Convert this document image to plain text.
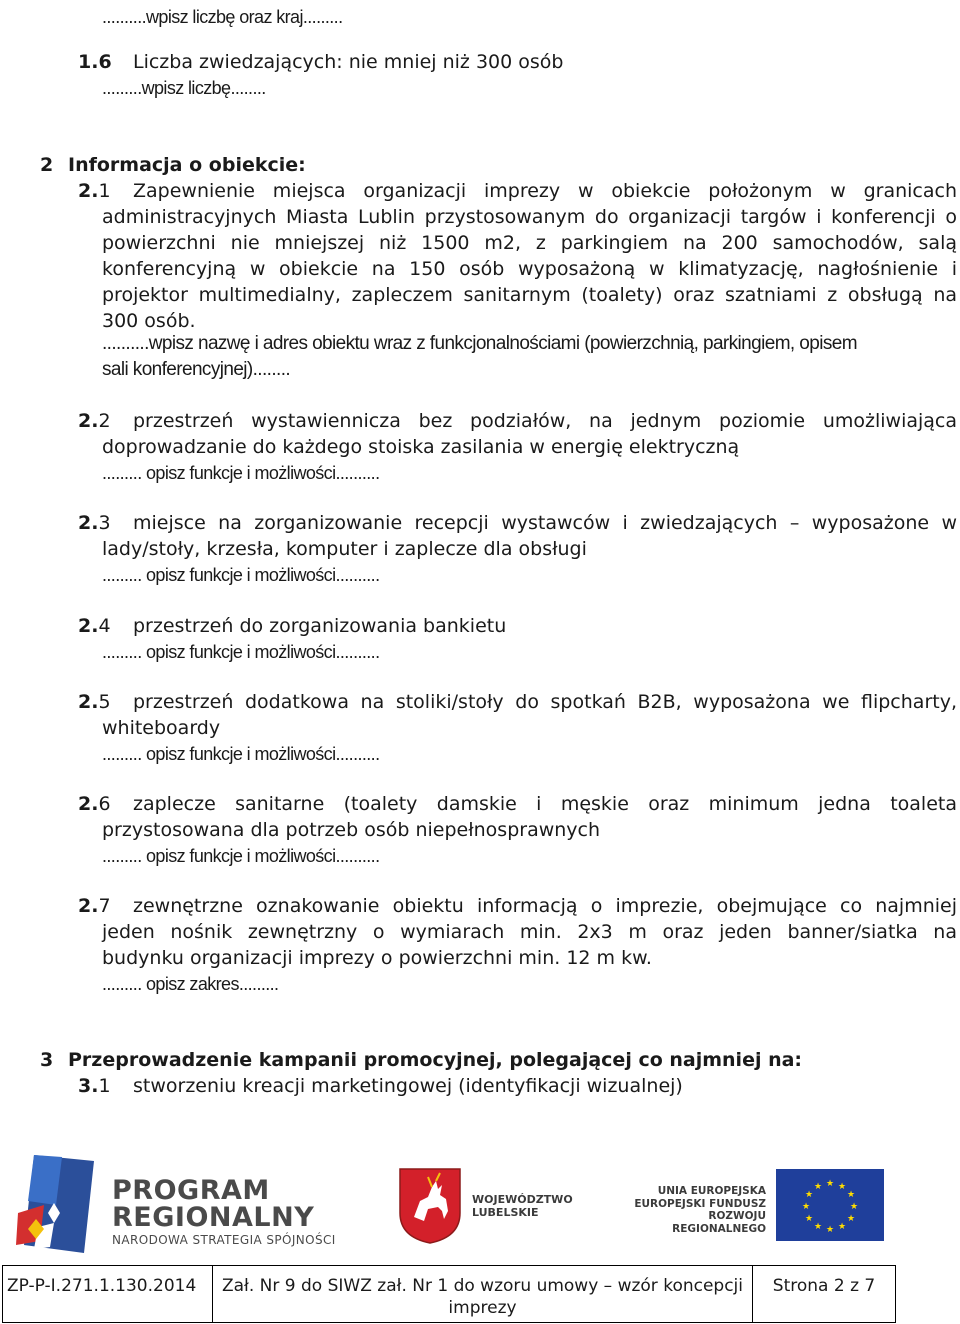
..........wpisz liczbę oraz kraj.........
1.6 Liczba zwiedzających: nie mniej niż 300 osób
.........wpisz liczbę........
2 Informacja o obiekcie:
2.1 Zapewnienie miejsca organizacji imprezy w obiekcie położonym w granicach
administracyjnych Miasta Lublin przystosowanym do organizacji targów i konferencji o
powierzchni nie mniejszej niż 1500 m2, z parkingiem na 200 samochodów, salą
konferencyjną w obiekcie na 150 osób wyposażoną w klimatyzację, nagłośnienie i
projektor multimedialny, zapleczem sanitarnym (toalety) oraz szatniami z obsługą na
300 osób.
..........wpisz nazwę i adres obiektu wraz z funkcjonalnościami (powierzchnią, parkingiem, opisem
sali konferencyjnej)........
2.2 przestrzeń wystawiennicza bez podziałów, na jednym poziomie umożliwiająca
doprowadzanie do każdego stoiska zasilania w energię elektryczną
......... opisz funkcje i możliwości..........
2.3 miejsce na zorganizowanie recepcji wystawców i zwiedzających – wyposażone w
lady/stoły, krzesła, komputer i zaplecze dla obsługi
......... opisz funkcje i możliwości..........
2.4 przestrzeń do zorganizowania bankietu
......... opisz funkcje i możliwości..........
2.5 przestrzeń dodatkowa na stoliki/stoły do spotkań B2B, wyposażona we flipcharty,
whiteboardy
......... opisz funkcje i możliwości..........
2.6 zaplecze sanitarne (toalety damskie i męskie oraz minimum jedna toaleta
przystosowana dla potrzeb osób niepełnosprawnych
......... opisz funkcje i możliwości..........
2.7 zewnętrzne oznakowanie obiektu informacją o imprezie, obejmujące co najmniej
jeden nośnik zewnętrzny o wymiarach min. 2x3 m oraz jeden banner/siatka na
budynku organizacji imprezy o powierzchni min. 12 m kw.
......... opisz zakres.........
3 Przeprowadzenie kampanii promocyjnej, polegającej co najmniej na:
3.1 stworzeniu kreacji marketingowej (identyfikacji wizualnej)
PROGRAM
REGIONALNY
NARODOWA STRATEGIA SPÓJNOŚCI
WOJEWÓDZTWO
LUBELSKIE
UNIA EUROPEJSKA
EUROPEJSKI FUNDUSZ
ROZWOJU REGIONALNEGO
★ ★
★
★
★
★
★
★
★
★
★
★
ZP-P-I.271.1.130.2014	Zał. Nr 9 do SIWZ zał. Nr 1 do wzoru umowy – wzór koncepcji
imprezy
Strona 2 z 7
